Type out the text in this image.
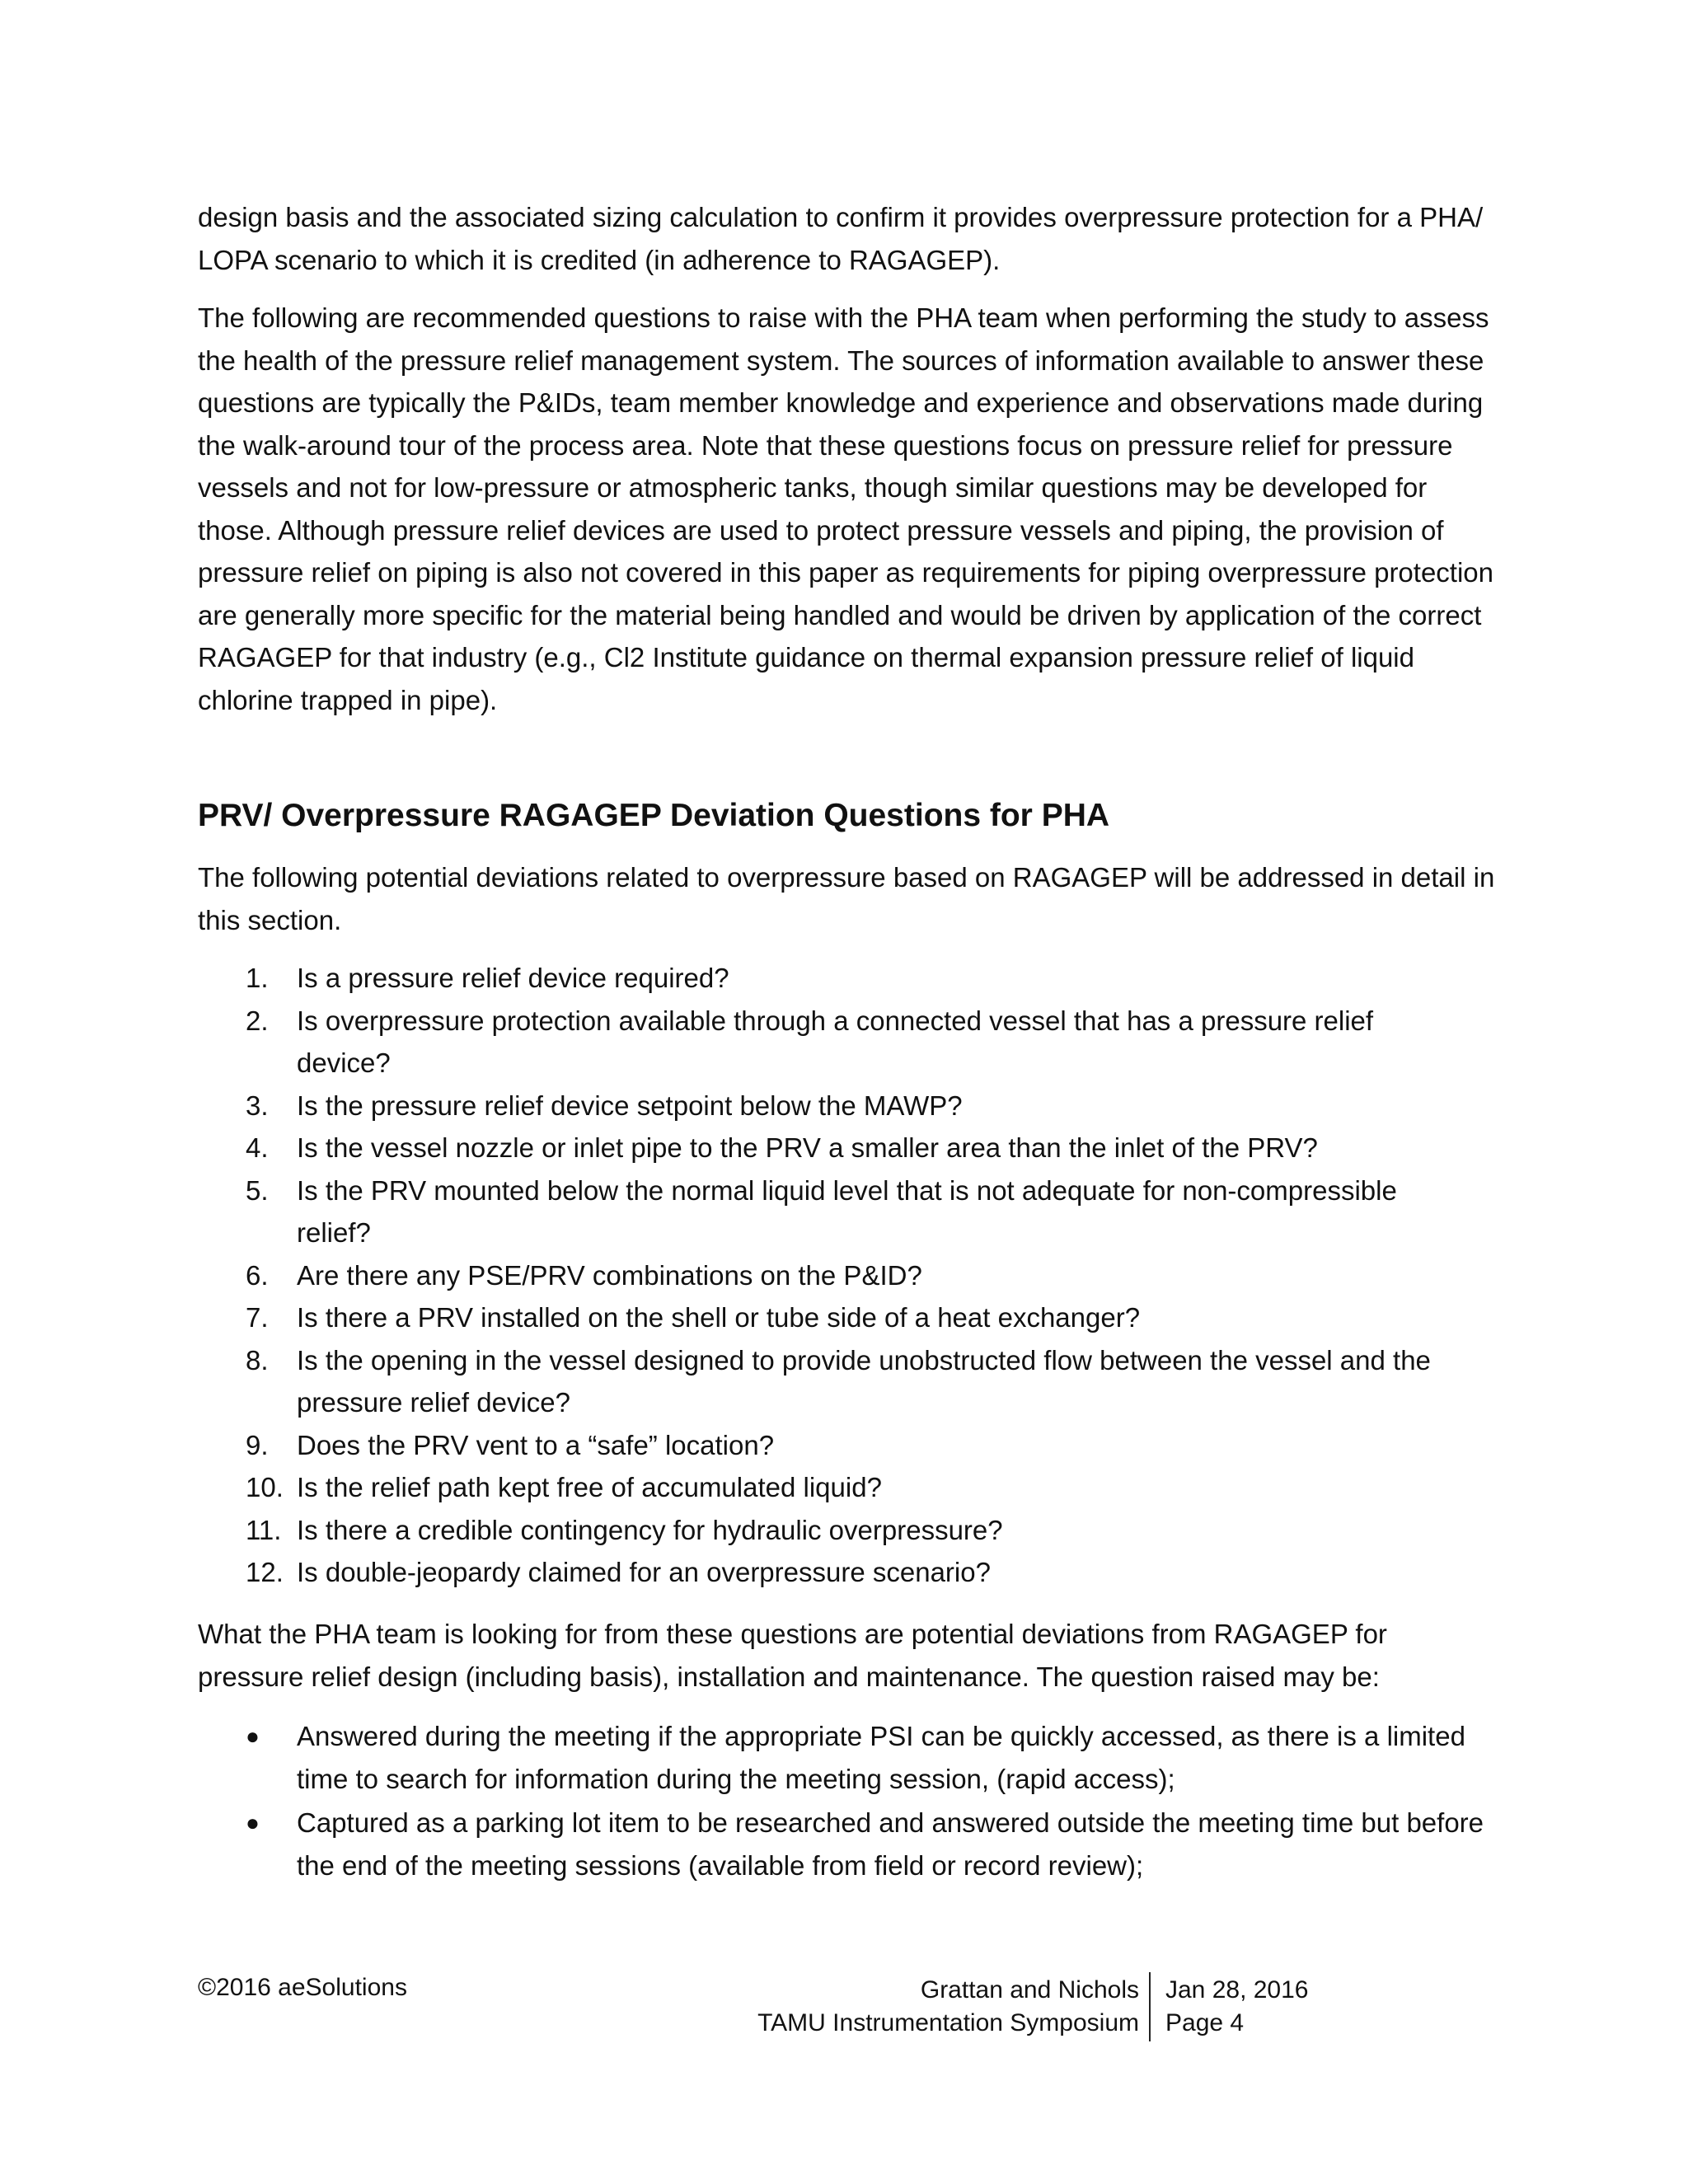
design basis and the associated sizing calculation to confirm it provides overpressure protection for a PHA/ LOPA scenario to which it is credited (in adherence to RAGAGEP).

The following are recommended questions to raise with the PHA team when performing the study to assess the health of the pressure relief management system. The sources of information available to answer these questions are typically the P&IDs, team member knowledge and experience and observations made during the walk-around tour of the process area. Note that these questions focus on pressure relief for pressure vessels and not for low-pressure or atmospheric tanks, though similar questions may be developed for those. Although pressure relief devices are used to protect pressure vessels and piping, the provision of pressure relief on piping is also not covered in this paper as requirements for piping overpressure protection are generally more specific for the material being handled and would be driven by application of the correct RAGAGEP for that industry (e.g., Cl2 Institute guidance on thermal expansion pressure relief of liquid chlorine trapped in pipe).

PRV/ Overpressure RAGAGEP Deviation Questions for PHA

The following potential deviations related to overpressure based on RAGAGEP will be addressed in detail in this section.

1. Is a pressure relief device required?
2. Is overpressure protection available through a connected vessel that has a pressure relief device?
3. Is the pressure relief device setpoint below the MAWP?
4. Is the vessel nozzle or inlet pipe to the PRV a smaller area than the inlet of the PRV?
5. Is the PRV mounted below the normal liquid level that is not adequate for non-compressible relief?
6. Are there any PSE/PRV combinations on the P&ID?
7. Is there a PRV installed on the shell or tube side of a heat exchanger?
8. Is the opening in the vessel designed to provide unobstructed flow between the vessel and the pressure relief device?
9. Does the PRV vent to a “safe” location?
10. Is the relief path kept free of accumulated liquid?
11. Is there a credible contingency for hydraulic overpressure?
12. Is double-jeopardy claimed for an overpressure scenario?

What the PHA team is looking for from these questions are potential deviations from RAGAGEP for pressure relief design (including basis), installation and maintenance. The question raised may be:

● Answered during the meeting if the appropriate PSI can be quickly accessed, as there is a limited time to search for information during the meeting session, (rapid access);
● Captured as a parking lot item to be researched and answered outside the meeting time but before the end of the meeting sessions (available from field or record review);
©2016 aeSolutions	Grattan and Nichols
TAMU Instrumentation Symposium
Jan 28, 2016
Page 4
